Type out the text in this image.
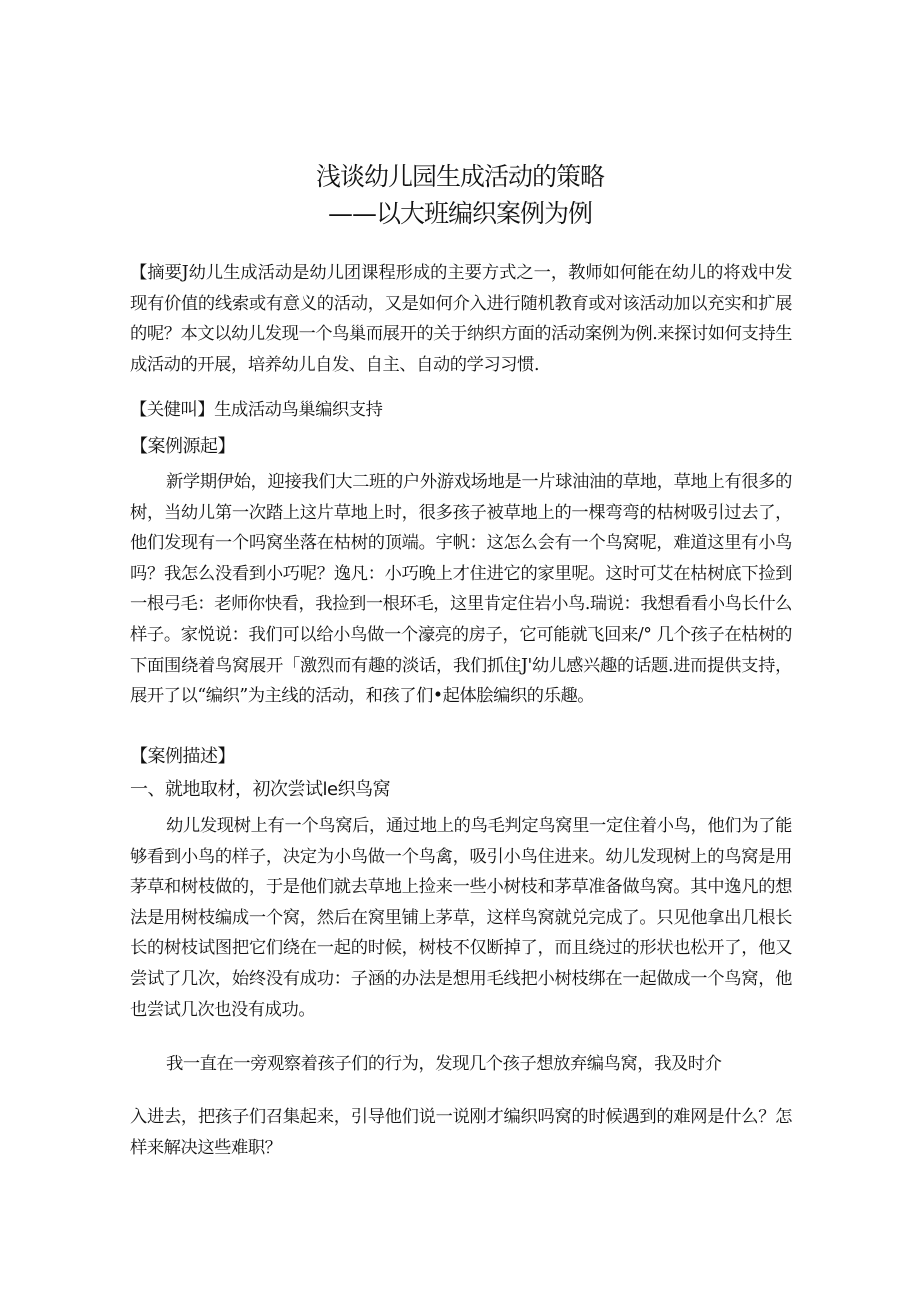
浅谈幼儿园生成活动的策略
——以大班编织案例为例

【摘要J幼儿生成活动是幼儿团课程形成的主要方式之一，教师如何能在幼儿的将戏中发现有价值的线索或有意义的活动，又是如何介入进行随机教育或对该活动加以充实和扩展的呢？本文以幼儿发现一个鸟巢而展开的关于纳织方面的活动案例为例.来探讨如何支持生成活动的开展，培养幼儿自发、自主、自动的学习习惯.

【关健叫】生成活动鸟巢编织支持
【案例源起】

新学期伊始，迎接我们大二班的户外游戏场地是一片球油油的草地，草地上有很多的树，当幼儿第一次踏上这片草地上时，很多孩子被草地上的一棵弯弯的枯树吸引过去了，他们发现有一个吗窝坐落在枯树的顶端。宇帆：这怎么会有一个鸟窝呢，难道这里有小鸟吗？我怎么没看到小巧呢？逸凡：小巧晚上才住进它的家里呢。这时可艾在枯树底下捡到一根弓毛：老师你快看，我捡到一根环毛，这里肯定住岩小鸟.瑞说：我想看看小鸟长什么样子。家悦说：我们可以给小鸟做一个濠亮的房子，它可能就飞回来/° 几个孩子在枯树的下面围绕着鸟窝展开「激烈而有趣的淡话，我们抓住J'幼儿感兴趣的话题.进而提供支持，展开了以“编织”为主线的活动，和孩了们•起体脍编织的乐趣。

【案例描述】
一、就地取材，初次尝试le织鸟窝

幼儿发现树上有一个鸟窝后，通过地上的鸟毛判定鸟窝里一定住着小鸟，他们为了能够看到小鸟的样子，决定为小鸟做一个鸟禽，吸引小鸟住进来。幼儿发现树上的鸟窝是用茅草和树枝做的，于是他们就去草地上捡来一些小树枝和茅草准备做鸟窝。其中逸凡的想法是用树枝编成一个窝，然后在窝里铺上茅草，这样鸟窝就兑完成了。只见他拿出几根长长的树枝试图把它们绕在一起的时候，树枝不仅断掉了，而且绕过的形状也松开了，他又尝试了几次，始终没有成功：子涵的办法是想用毛线把小树枝绑在一起做成一个鸟窝，他也尝试几次也没有成功。

我一直在一旁观察着孩子们的行为，发现几个孩子想放弃编鸟窝，我及时介

入进去，把孩子们召集起来，引导他们说一说刚才编织吗窝的时候遇到的难网是什么？怎样来解决这些难职？
